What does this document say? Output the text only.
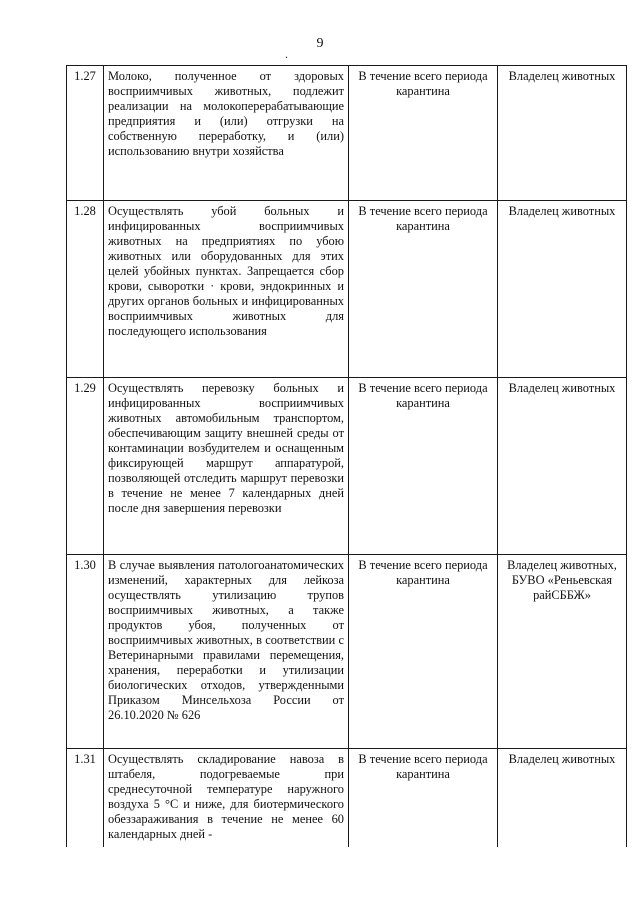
9
.
1.27	Молоко, полученное от здоровых восприимчивых животных, подлежит реализации на молокоперерабатывающие предприятия и (или) отгрузки на собственную переработку, и (или) использованию внутри хозяйства	В течение всего периода карантина	Владелец животных
1.28	Осуществлять убой больных и инфицированных восприимчивых животных на предприятиях по убою животных или оборудованных для этих целей убойных пунктах. Запрещается сбор крови, сыворотки · крови, эндокринных и других органов больных и инфицированных восприимчивых животных для последующего использования	В течение всего периода карантина	Владелец животных
1.29	Осуществлять перевозку больных и инфицированных восприимчивых животных автомобильным транспортом, обеспечивающим защиту внешней среды от контаминации возбудителем и оснащенным фиксирующей маршрут аппаратурой, позволяющей отследить маршрут перевозки в течение не менее 7 календарных дней после дня завершения перевозки	В течение всего периода карантина	Владелец животных
1.30	В случае выявления патологоанатомических изменений, характерных для лейкоза осуществлять утилизацию трупов восприимчивых животных, а также продуктов убоя, полученных от восприимчивых животных, в соответствии с Ветеринарными правилами перемещения, хранения, переработки и утилизации биологических отходов, утвержденными Приказом Минсельхоза России от 26.10.2020 № 626	В течение всего периода карантина	Владелец животных, БУВО «Реньевская райСББЖ»
1.31	Осуществлять складирование навоза в штабеля, подогреваемые при среднесуточной температуре наружного воздуха 5 °С и ниже, для биотермического обеззараживания в течение не менее 60 календарных дней -	В течение всего периода карантина	Владелец животных
